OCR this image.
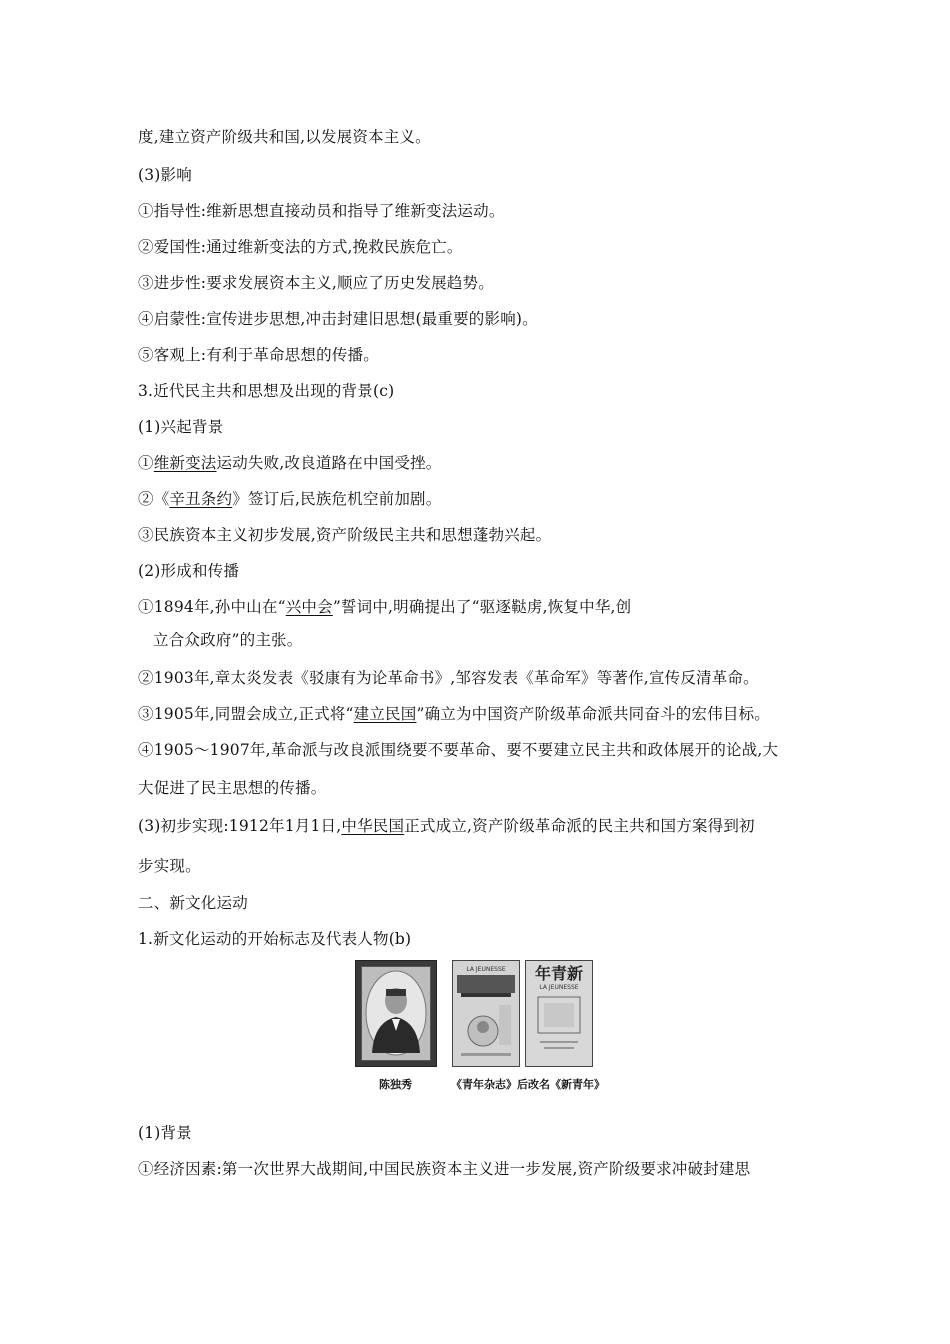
度,建立资产阶级共和国,以发展资本主义。
(3)影响
①指导性:维新思想直接动员和指导了维新变法运动。
②爱国性:通过维新变法的方式,挽救民族危亡。
③进步性:要求发展资本主义,顺应了历史发展趋势。
④启蒙性:宣传进步思想,冲击封建旧思想(最重要的影响)。
⑤客观上:有利于革命思想的传播。
3.近代民主共和思想及出现的背景(c)
(1)兴起背景
①维新变法运动失败,改良道路在中国受挫。
②《辛丑条约》签订后,民族危机空前加剧。
③民族资本主义初步发展,资产阶级民主共和思想蓬勃兴起。
(2)形成和传播
①1894年,孙中山在“兴中会”誓词中,明确提出了“驱逐鞑虏,恢复中华,创
立合众政府”的主张。
②1903年,章太炎发表《驳康有为论革命书》,邹容发表《革命军》等著作,宣传反清革命。
③1905年,同盟会成立,正式将“建立民国”确立为中国资产阶级革命派共同奋斗的宏伟目标。
④1905～1907年,革命派与改良派围绕要不要革命、要不要建立民主共和政体展开的论战,大
大促进了民主思想的传播。
(3)初步实现:1912年1月1日,中华民国正式成立,资产阶级革命派的民主共和国方案得到初
步实现。
二、新文化运动
1.新文化运动的开始标志及代表人物(b)
(1)背景
①经济因素:第一次世界大战期间,中国民族资本主义进一步发展,资产阶级要求冲破封建思
LA JEUNESSE 年青新
LA JEUNESSE
陈独秀	《青年杂志》后改名《新青年》
